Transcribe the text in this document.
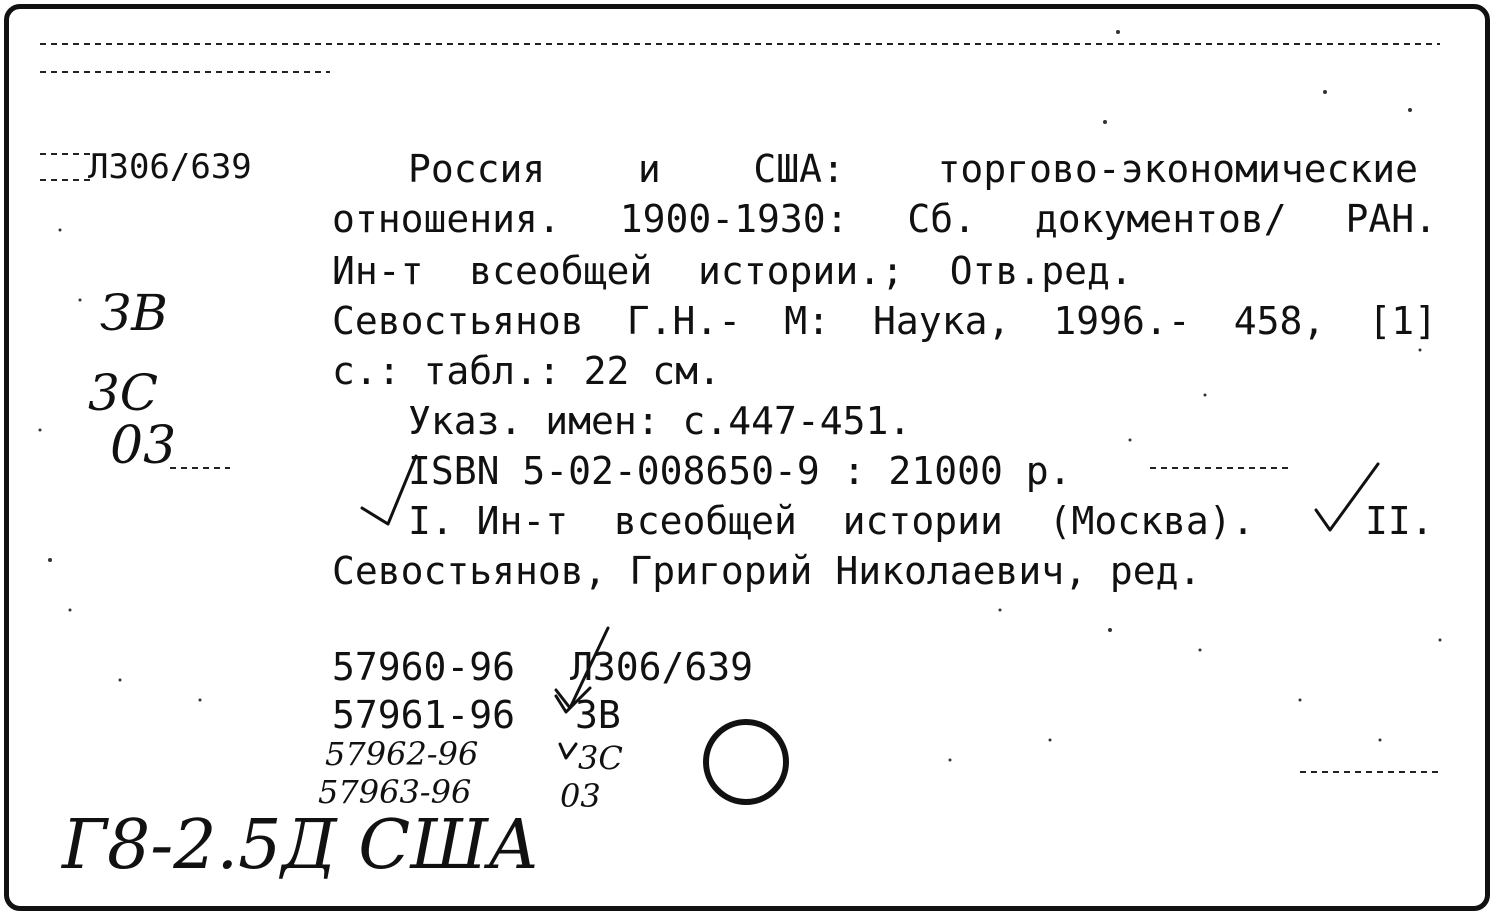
Л306/639	Россия и США: торгово-экономические
отношения. 1900-1930: Сб. документов/ РАН.
Ин-т  всеобщей  истории.;  Отв.ред.
Севостьянов Г.Н.- М: Наука, 1996.- 458, [1]
с.: табл.: 22 см.
Указ. имен: с.447-451.
ISBN 5-02-008650-9 : 21000 р.
I. Ин-т  всеобщей  истории  (Москва).	II.
Севостьянов, Григорий Николаевич, ред.
57960-96 Л306/639
57961-96 ЗВ
57962-96	3С
57963-96	03
ЗВ
3С
03
Г8-2.5Д США
